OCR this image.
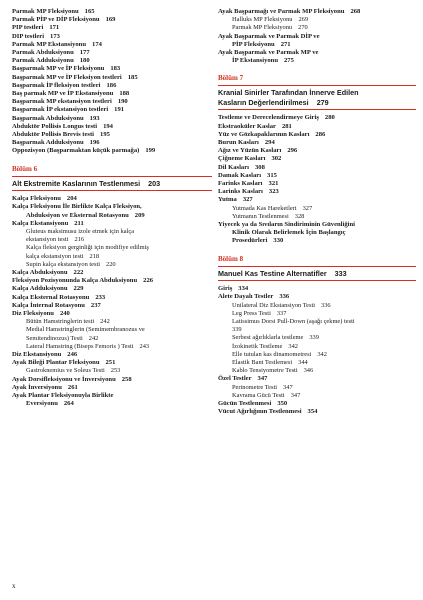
Parmak MP Fleksiyonu 165
Parmak PİP ve DİP Fleksiyonu 169
PIP testleri 171
DIP testleri 173
Parmak MP Ekstansiyonu 174
Parmak Abduksiyonu 177
Parmak Adduksiyonu 180
Başparmak MP ve İP Fleksiyonu 183
Başparmak MP ve İP Fleksiyon testleri 185
Başparmak İP fleksiyon testleri 186
Baş parmak MP ve İP Ekstansiyonu 188
Başparmak MP ekstansiyon testleri 190
Başparmak İP ekstansiyon testleri 191
Başparmak Abduksiyonu 193
Abduktör Pollisis Longus testi 194
Abduktör Pollisis Brevis testi 195
Başparmak Adduksiyonu 196
Oppozisyon (Başparmaktan küçük parmağa) 199
Bölüm 6
Alt Ekstremite Kaslarının Testlenmesi 203
Kalça Fleksiyonu 204
Kalça Fleksiyonu İle Birlikte Kalça Fleksiyon,
Abduksiyon ve Eksternal Rotasyonu 209
Kalça Ekstansiyonu 211
Gluteus maksimusu izole etmek için kalça
ekstansiyon testi 216
Kalça fleksiyon gerginliği için modifiye edilmiş
kalça ekstansiyon testi 218
Supin kalça ekstansiyon testi 220
Kalça Abduksiyonu 222
Fleksiyon Pozisyonunda Kalça Abduksiyonu 226
Kalça Adduksiyonu 229
Kalça Eksternal Rotasyonu 233
Kalça İnternal Rotasyonu 237
Diz Fleksiyonu 240
Bütün Hamstringlerin testi 242
Medial Hamstringlerin (Semimembranozus ve
Semitendinozus) Testi 242
Lateral Hamstring (Biseps Femoris ) Testi 243
Diz Ekstansiyonu 246
Ayak Bileği Plantar Fleksiyonu 251
Gastroknemius ve Soleus Testi 253
Ayak Dorsifleksiyonu ve İnversiyonu 258
Ayak İnversiyonu 261
Ayak Plantar Fleksiyonuyla Birlikte
Eversiyonu 264
Ayak Başparmağı ve Parmak MP Fleksiyonu 268
Halluks MP Fleksiyonu 269
Parmak MP Fleksiyonu 270
Ayak Başparmak ve Parmak DİP ve
PİP Fleksiyonu 271
Ayak Başparmak ve Parmak MP ve
İP Ekstansiyonu 275
Bölüm 7
Kranial Sinirler Tarafından İnnerve Edilen
Kasların Değerlendirilmesi 279
Testleme ve Derecelendirmeye Giriş 280
Ekstraoküler Kaslar 281
Yüz ve Gözkapaklarının Kasları 286
Burun Kasları 294
Ağız ve Yüzün Kasları 296
Çiğneme Kasları 302
Dil Kasları 308
Damak Kasları 315
Farinks Kasları 321
Larinks Kasları 323
Yutma 327
Yutmada Kas Hareketleri 327
Yutmanın Testlenmesi 328
Yiyecek ya da Sıvıların Sindiriminin Güvenliğini
Klinik Olarak Belirlemek İçin Başlangıç
Prosedürleri 330
Bölüm 8
Manuel Kas Testine Alternatifler 333
Giriş 334
Alete Dayalı Testler 336
Unilateral Diz Ekstansiyon Testi 336
Leg Press Testi 337
Latissimus Dorsi Pull-Down (aşağı çekme) testi
339
Serbest ağırlıklarla testleme 339
İzokinetik Testleme 342
Elle tutulan kas dinamometresi 342
Elastik Bant Testlemesi 344
Kablo Tensiyometre Testi 346
Özel Testler 347
Perinometre Testi 347
Kavrama Gücü Testi 347
Gücün Testlenmesi 350
Vücut Ağırlığının Testlenmesi 354
x
